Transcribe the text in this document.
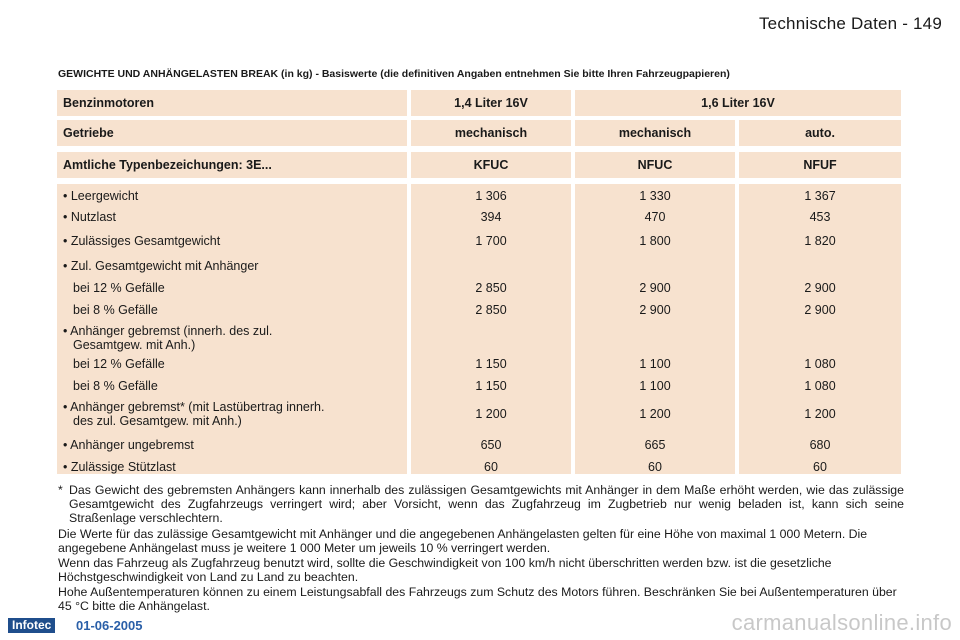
Technische Daten - 149
GEWICHTE UND ANHÄNGELASTEN BREAK (in kg) - Basiswerte (die definitiven Angaben entnehmen Sie bitte Ihren Fahrzeugpapieren)
Benzinmotoren	1,4 Liter 16V	1,6 Liter 16V
Getriebe	mechanisch	mechanisch	auto.
Amtliche Typenbezeichungen: 3E...	KFUC	NFUC	NFUF
• Leergewicht	1 306	1 330	1 367
• Nutzlast	394	470	453
• Zulässiges Gesamtgewicht	1 700	1 800	1 820
• Zul. Gesamtgewicht mit Anhänger
bei 12 % Gefälle	2 850	2 900	2 900
bei 8 % Gefälle	2 850	2 900	2 900
• Anhänger gebremst (innerh. des zul.
Gesamtgew. mit Anh.)
bei 12 % Gefälle	1 150	1 100	1 080
bei 8 % Gefälle	1 150	1 100	1 080
• Anhänger gebremst* (mit Lastübertrag innerh.
des zul. Gesamtgew. mit Anh.)	1 200	1 200	1 200
• Anhänger ungebremst	650	665	680
• Zulässige Stützlast	60	60	60
* Das Gewicht des gebremsten Anhängers kann innerhalb des zulässigen Gesamtgewichts mit Anhänger in dem Maße erhöht werden, wie das zulässige Gesamtgewicht des Zugfahrzeugs verringert wird; aber Vorsicht, wenn das Zugfahrzeug im Zugbetrieb nur wenig beladen ist, kann sich seine Straßenlage verschlechtern.
Die Werte für das zulässige Gesamtgewicht mit Anhänger und die angegebenen Anhängelasten gelten für eine Höhe von maximal 1 000 Metern. Die angegebene Anhängelast muss je weitere 1 000 Meter um jeweils 10 % verringert werden.
Wenn das Fahrzeug als Zugfahrzeug benutzt wird, sollte die Geschwindigkeit von 100 km/h nicht überschritten werden bzw. ist die gesetzliche Höchstgeschwindigkeit von Land zu Land zu beachten.
Hohe Außentemperaturen können zu einem Leistungsabfall des Fahrzeugs zum Schutz des Motors führen. Beschränken Sie bei Außentemperaturen über 45 °C bitte die Anhängelast.
Infotec	01-06-2005	carmanualsonline.info
